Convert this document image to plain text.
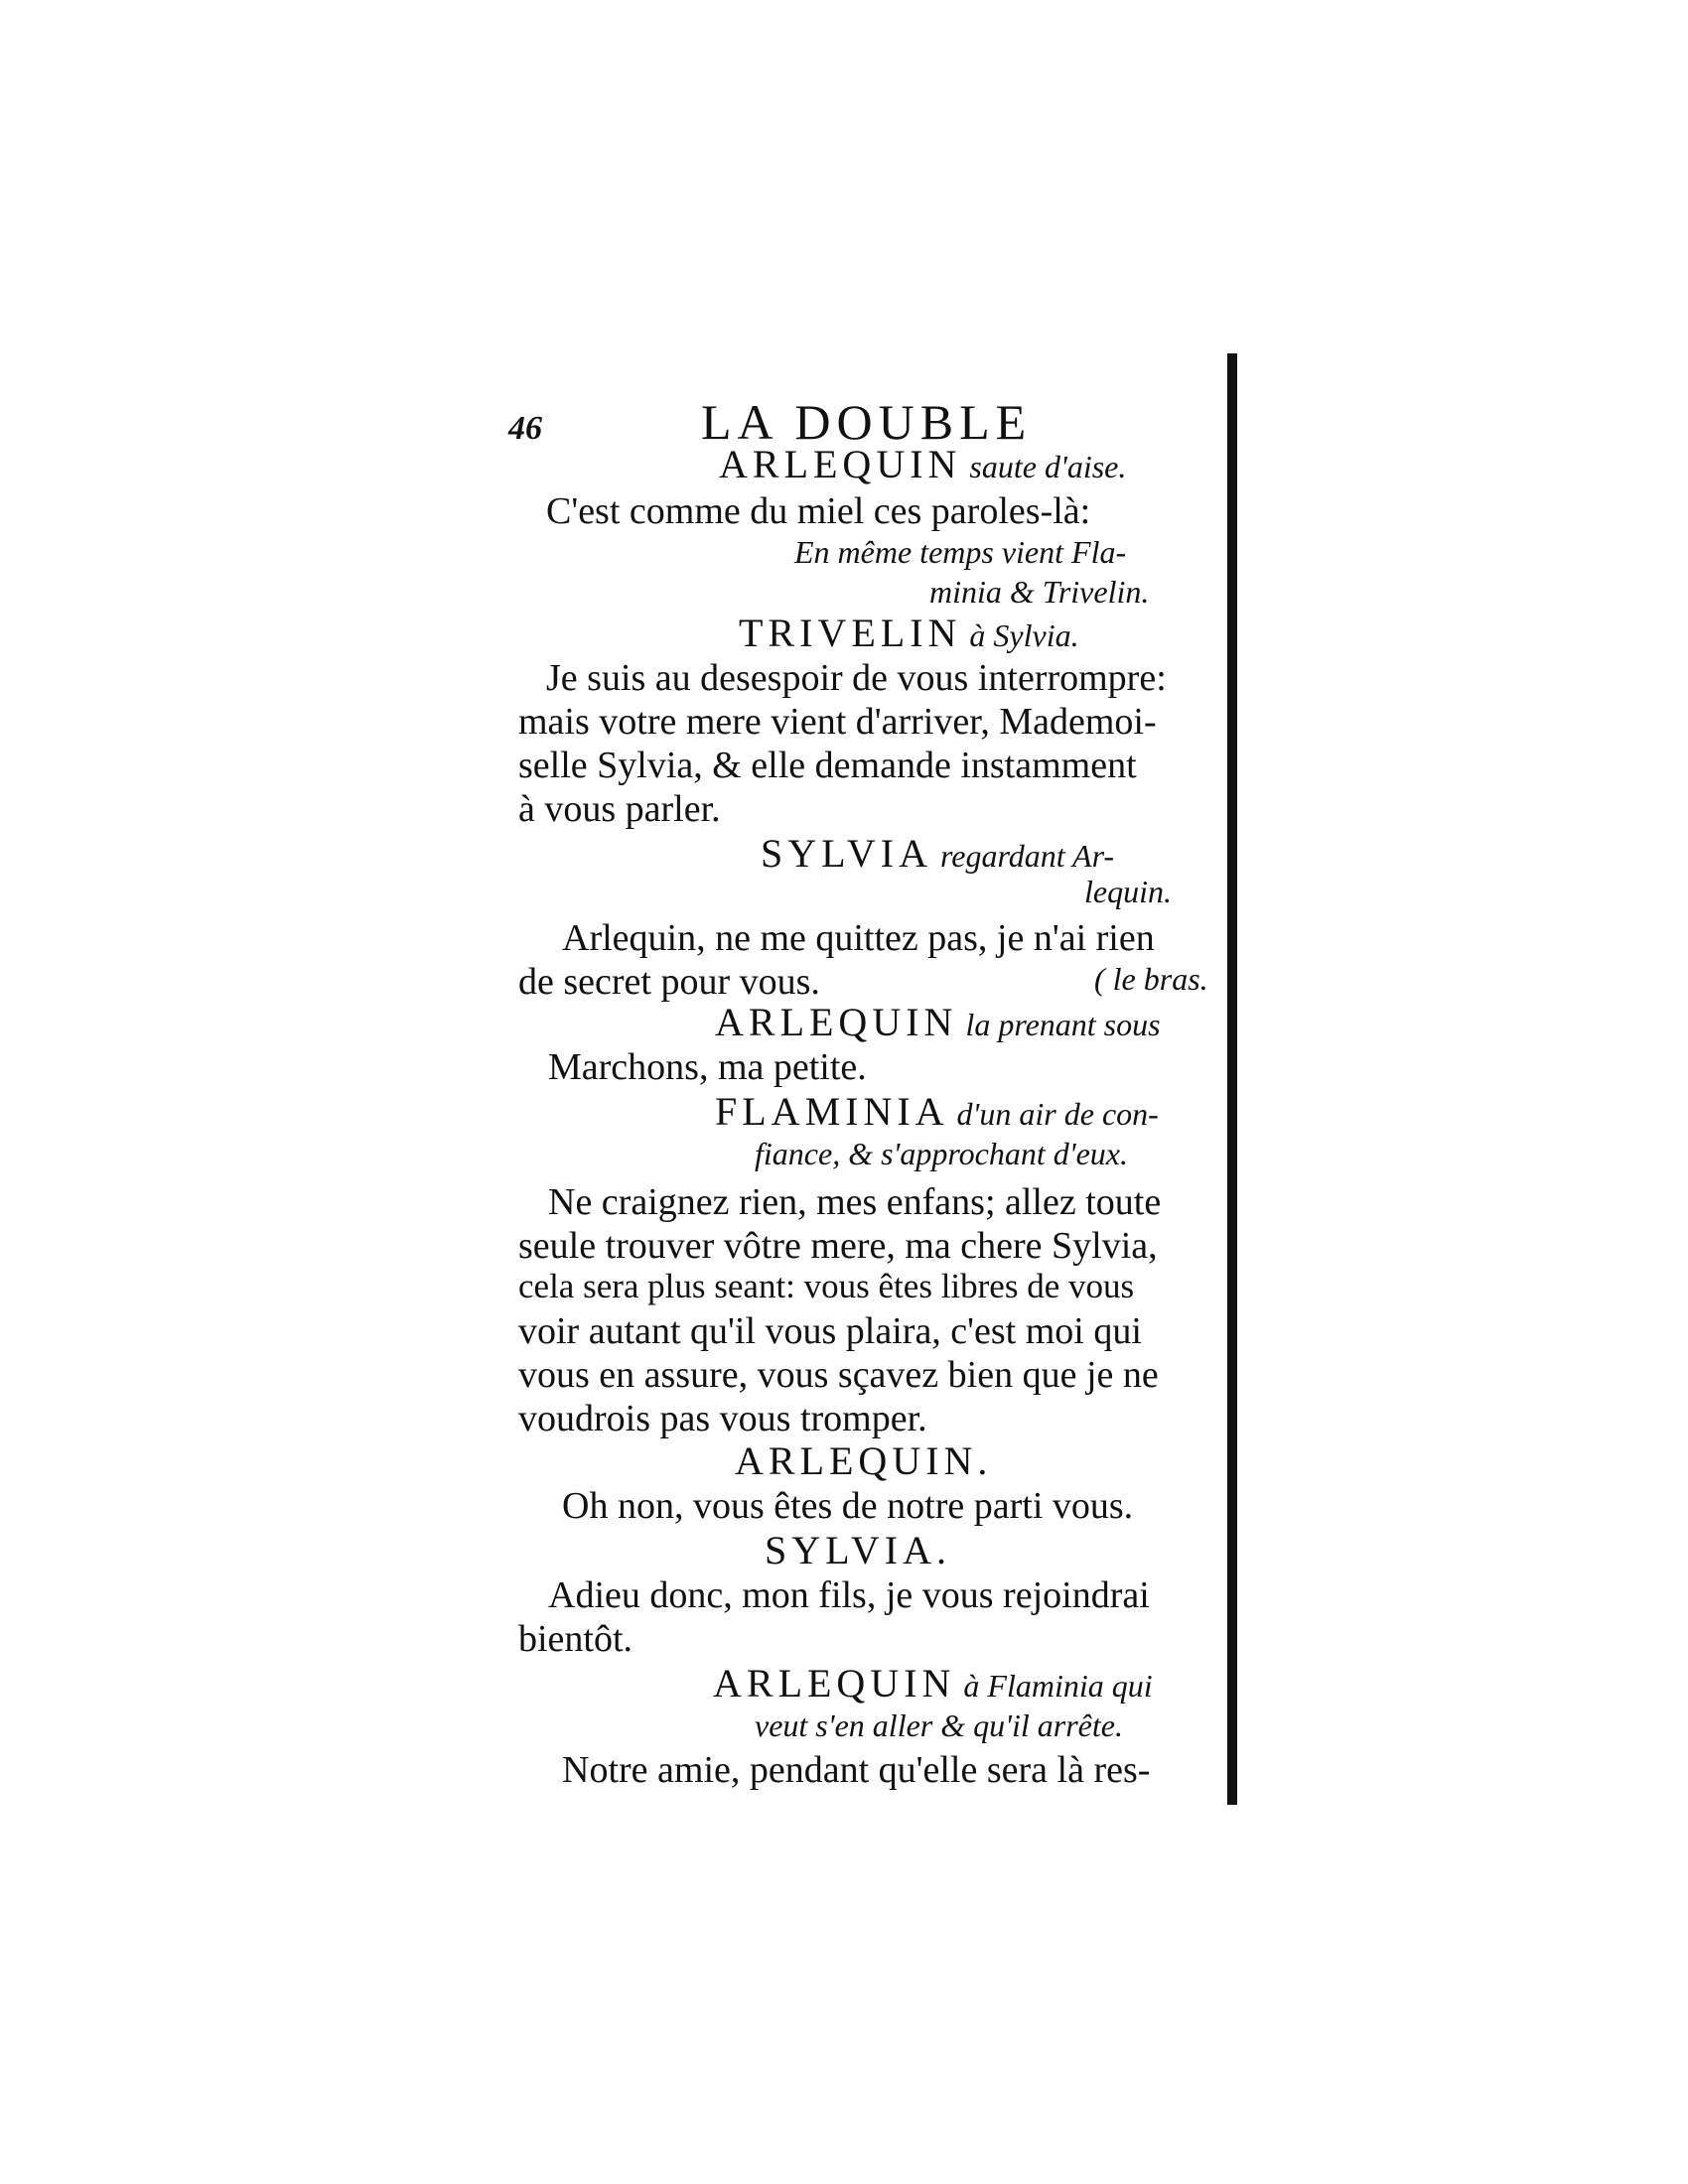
46	LA DOUBLE
ARLEQUIN saute d'aise.
C'est comme du miel ces paroles-là:
En même temps vient Fla-
minia & Trivelin.
TRIVELIN à Sylvia.
Je suis au desespoir de vous interrompre:
mais votre mere vient d'arriver, Mademoi-
selle Sylvia, & elle demande instamment
à vous parler.
SYLVIA regardant Ar-
lequin.
Arlequin, ne me quittez pas, je n'ai rien
de secret pour vous.	( le bras.
ARLEQUIN la prenant sous
Marchons, ma petite.
FLAMINIA d'un air de con-
fiance, & s'approchant d'eux.
Ne craignez rien, mes enfans; allez toute
seule trouver vôtre mere, ma chere Sylvia,
cela sera plus seant: vous êtes libres de vous
voir autant qu'il vous plaira, c'est moi qui
vous en assure, vous sçavez bien que je ne
voudrois pas vous tromper.
ARLEQUIN.
Oh non, vous êtes de notre parti vous.
SYLVIA.
Adieu donc, mon fils, je vous rejoindrai
bientôt.
ARLEQUIN à Flaminia qui
veut s'en aller & qu'il arrête.
Notre amie, pendant qu'elle sera là res-
